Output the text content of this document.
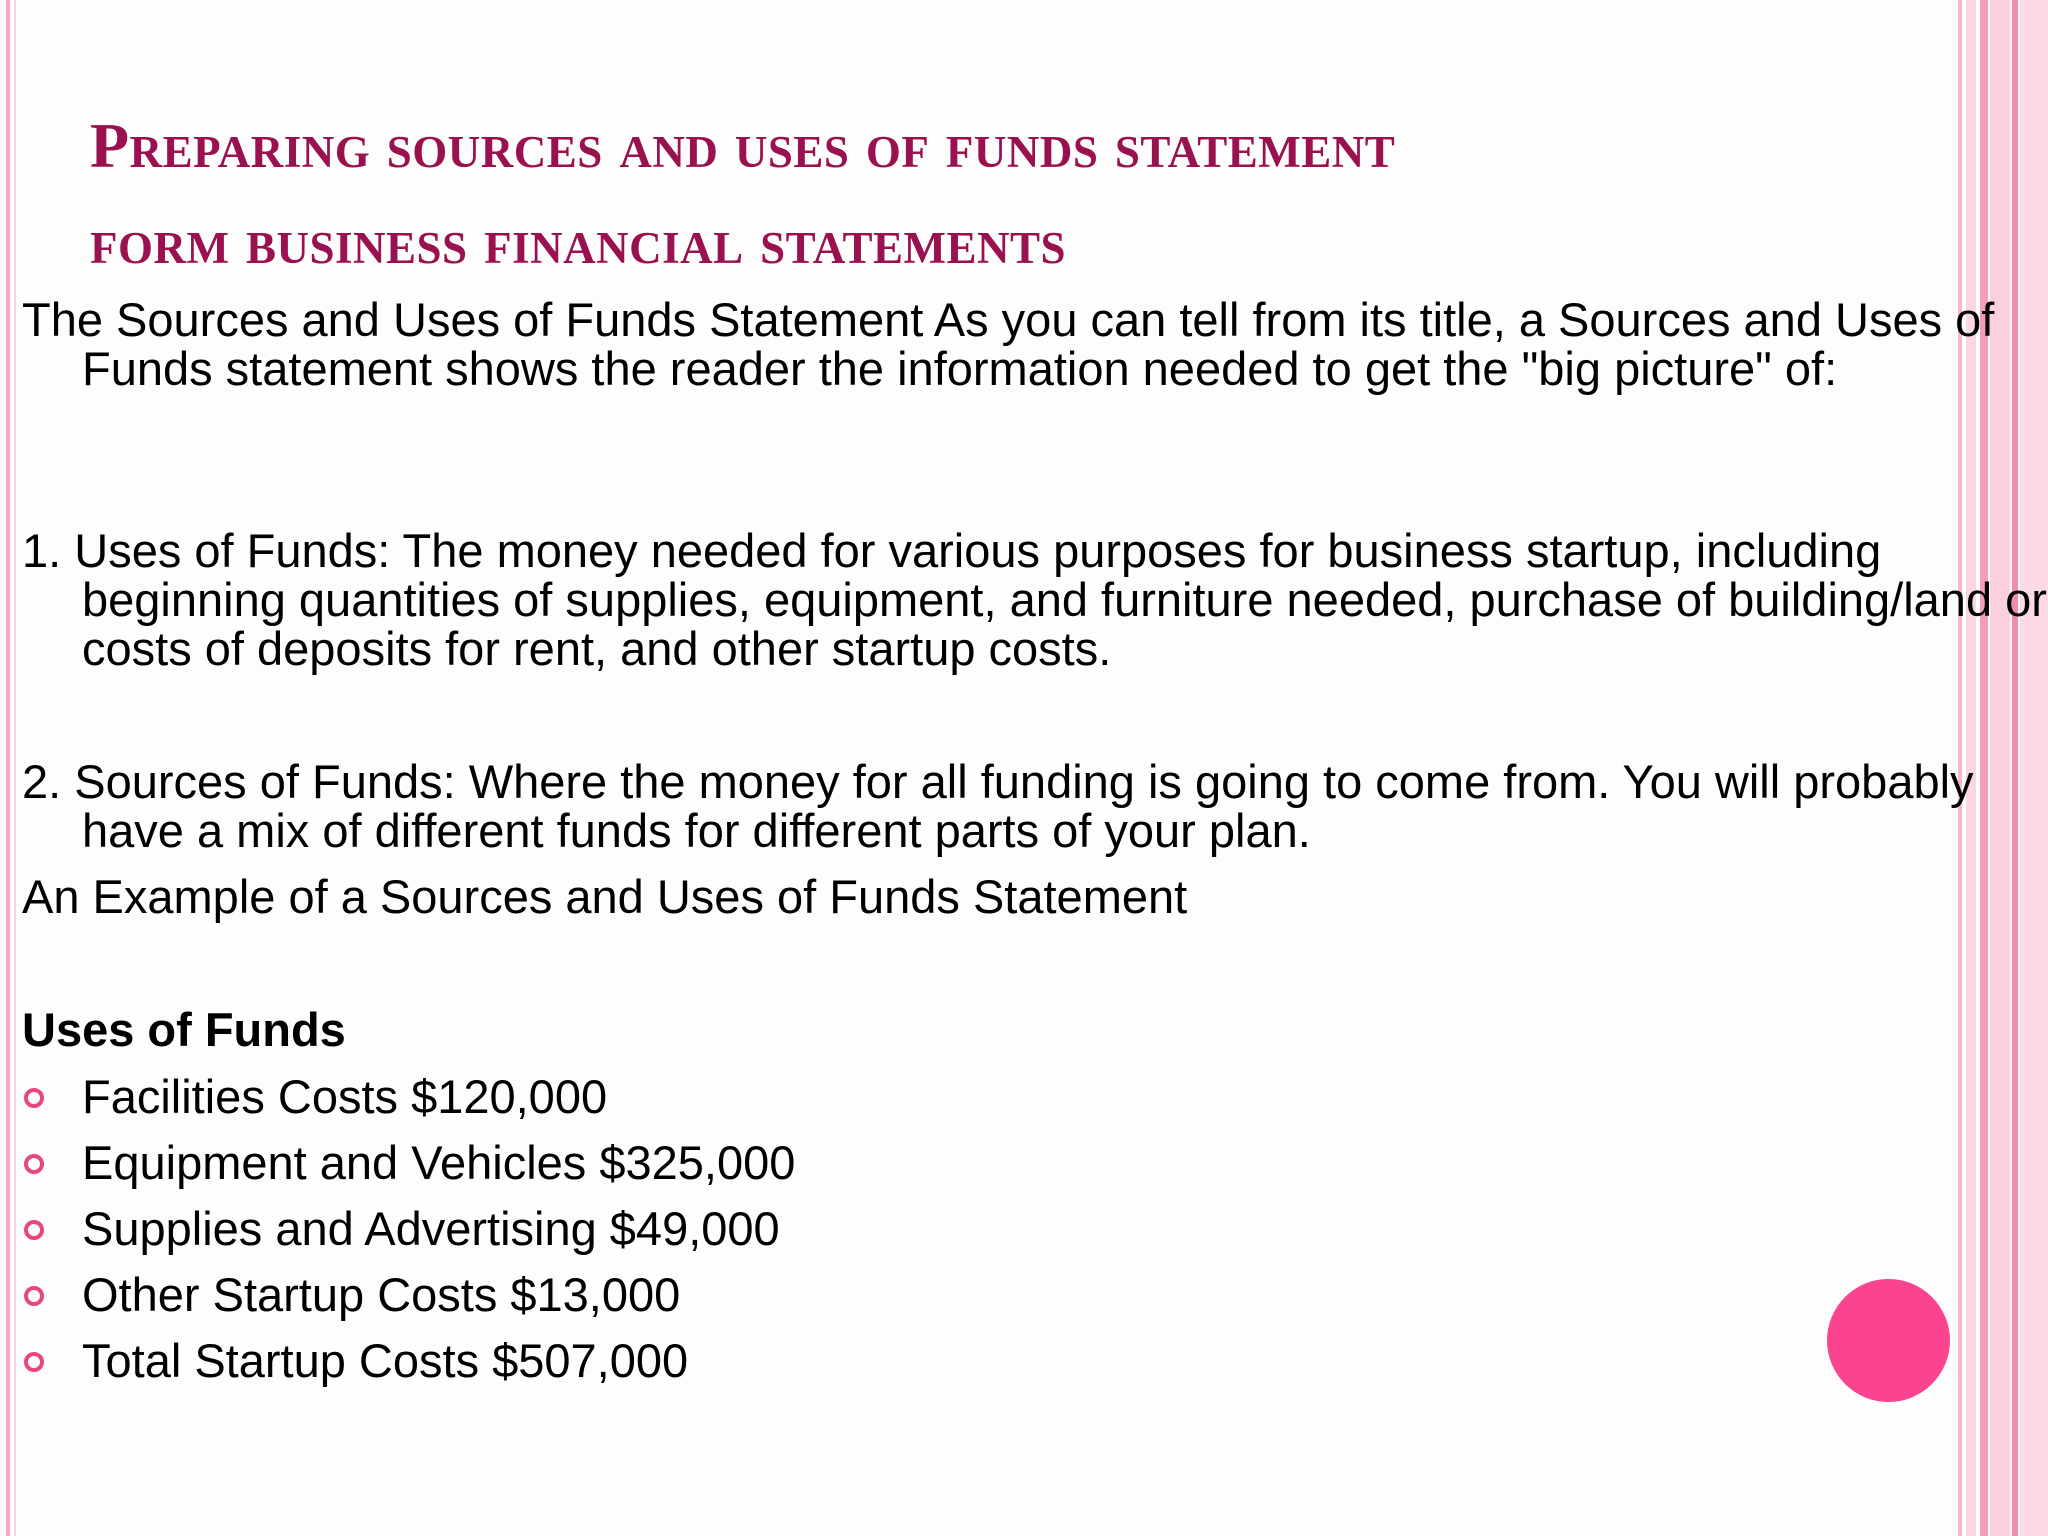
Preparing sources and uses of funds statement
form business financial statements
The Sources and Uses of Funds Statement As you can tell from its title, a Sources and Uses of Funds statement shows the reader the information needed to get the "big picture" of:
1. Uses of Funds: The money needed for various purposes for business startup, including beginning quantities of supplies, equipment, and furniture needed, purchase of building/land or costs of deposits for rent, and other startup costs.
2. Sources of Funds: Where the money for all funding is going to come from. You will probably have a mix of different funds for different parts of your plan.
An Example of a Sources and Uses of Funds Statement
Uses of Funds
Facilities Costs $120,000
Equipment and Vehicles $325,000
Supplies and Advertising $49,000
Other Startup Costs $13,000
Total Startup Costs $507,000
